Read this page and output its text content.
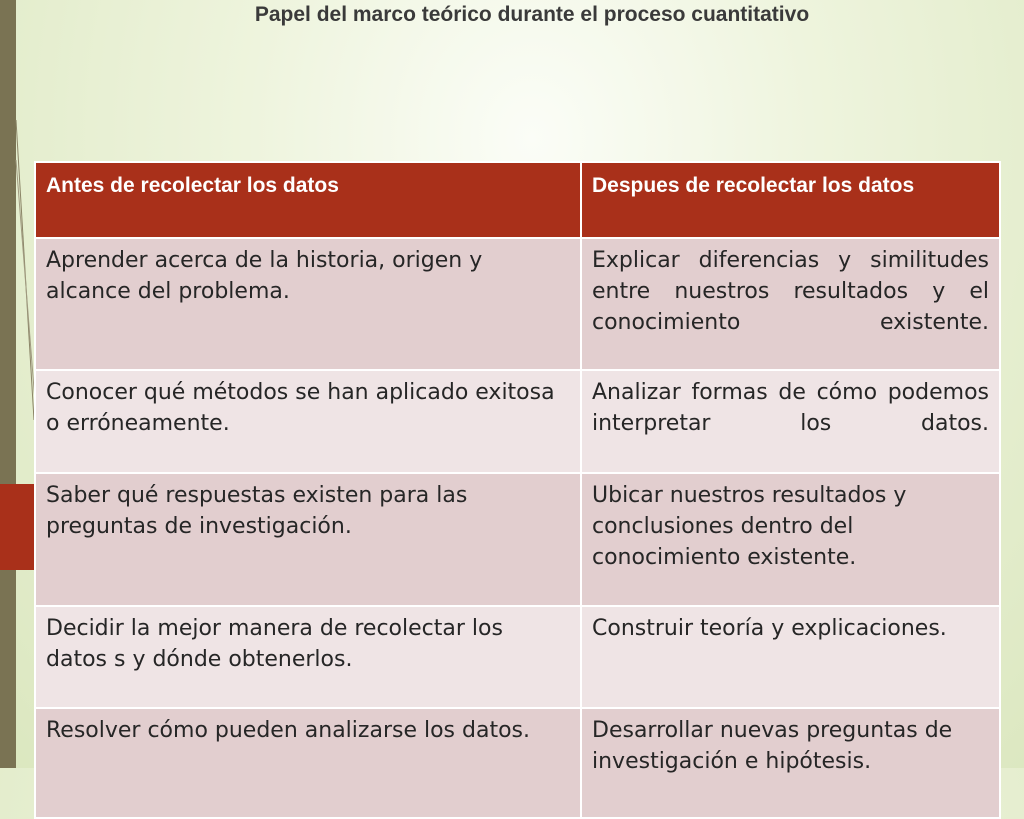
Papel del marco teórico durante el proceso cuantitativo
Antes de recolectar los datos	Despues de recolectar los datos
Aprender acerca de la historia, origen y alcance del problema.	Explicar diferencias y similitudes entre nuestros resultados y el conocimiento existente.
Conocer qué métodos se han aplicado exitosa o erróneamente.	Analizar formas de cómo podemos interpretar los datos.
Saber qué respuestas existen para las preguntas de investigación.	Ubicar nuestros resultados y conclusiones dentro del conocimiento existente.
Decidir la mejor manera de recolectar los datos s y dónde obtenerlos.	Construir teoría y explicaciones.
Resolver cómo pueden analizarse los datos.	Desarrollar nuevas preguntas de investigación e hipótesis.
